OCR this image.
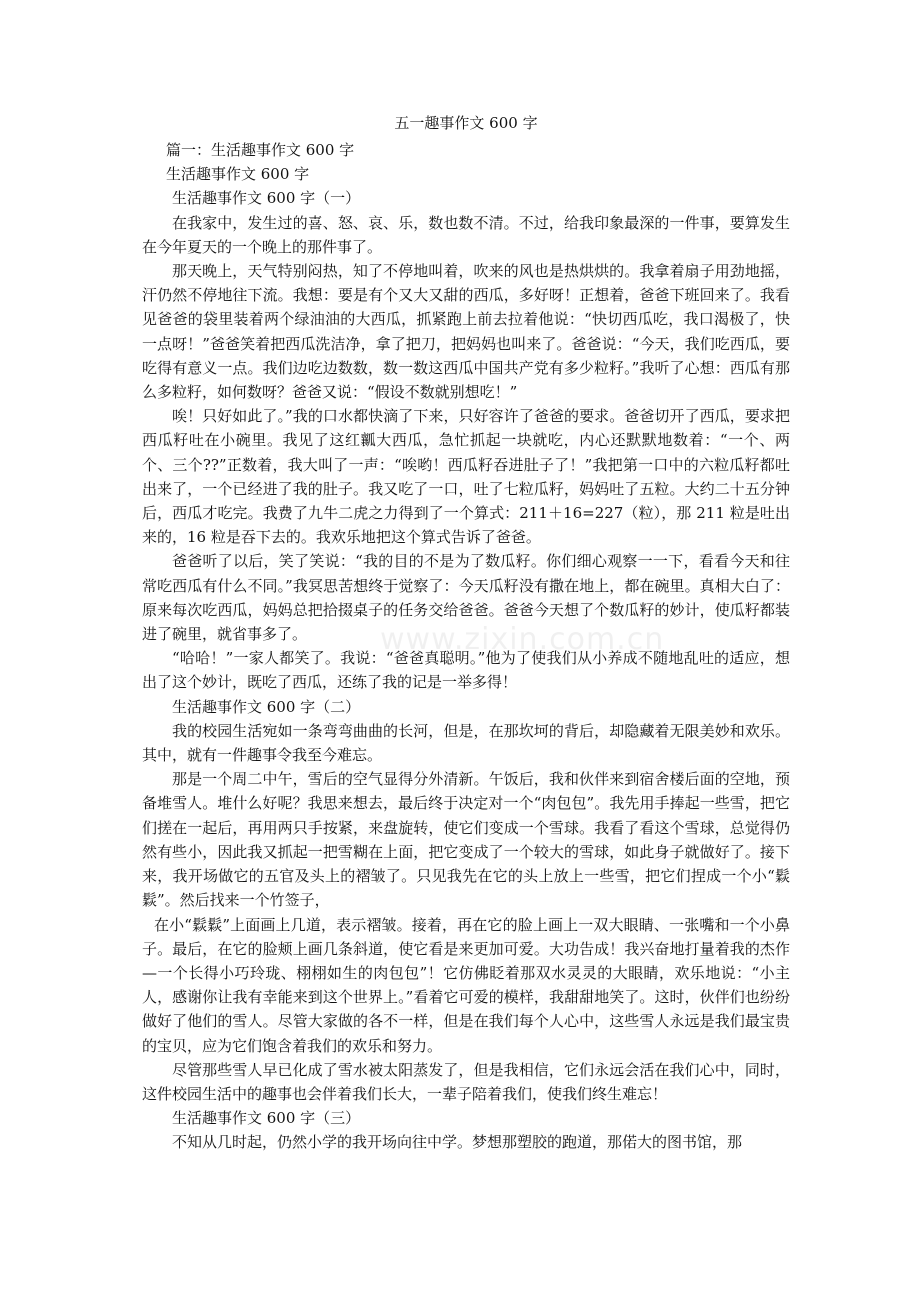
www.zixin.com.cn

五一趣事作文 600 字

篇一：生活趣事作文 600 字

生活趣事作文 600 字

生活趣事作文 600 字（一）

在我家中，发生过的喜、怒、哀、乐，数也数不清。不过，给我印象最深的一件事，要算发生在今年夏天的一个晚上的那件事了。

那天晚上，天气特别闷热，知了不停地叫着，吹来的风也是热烘烘的。我拿着扇子用劲地摇，汗仍然不停地往下流。我想：要是有个又大又甜的西瓜，多好呀！正想着，爸爸下班回来了。我看见爸爸的袋里装着两个绿油油的大西瓜，抓紧跑上前去拉着他说：“快切西瓜吃，我口渴极了，快一点呀！”爸爸笑着把西瓜洗洁净，拿了把刀，把妈妈也叫来了。爸爸说：“今天，我们吃西瓜，要吃得有意义一点。我们边吃边数数，数一数这西瓜中国共产党有多少粒籽。”我听了心想：西瓜有那么多粒籽，如何数呀？爸爸又说：“假设不数就别想吃！”

唉！只好如此了。”我的口水都快滴了下来，只好容许了爸爸的要求。爸爸切开了西瓜，要求把西瓜籽吐在小碗里。我见了这红瓤大西瓜，急忙抓起一块就吃，内心还默默地数着：“一个、两个、三个??”正数着，我大叫了一声：“唉哟！西瓜籽吞进肚子了！”我把第一口中的六粒瓜籽都吐出来了，一个已经进了我的肚子。我又吃了一口，吐了七粒瓜籽，妈妈吐了五粒。大约二十五分钟后，西瓜才吃完。我费了九牛二虎之力得到了一个算式：211＋16=227（粒），那 211 粒是吐出来的，16 粒是吞下去的。我欢乐地把这个算式告诉了爸爸。

爸爸听了以后，笑了笑说：“我的目的不是为了数瓜籽。你们细心观察一一下，看看今天和往常吃西瓜有什么不同。”我冥思苦想终于觉察了：今天瓜籽没有撒在地上，都在碗里。真相大白了：原来每次吃西瓜，妈妈总把拾掇桌子的任务交给爸爸。爸爸今天想了个数瓜籽的妙计，使瓜籽都装进了碗里，就省事多了。

“哈哈！”一家人都笑了。我说：“爸爸真聪明。”他为了使我们从小养成不随地乱吐的适应，想出了这个妙计，既吃了西瓜，还练了我的记是一举多得！

生活趣事作文 600 字（二）

我的校园生活宛如一条弯弯曲曲的长河，但是，在那坎坷的背后，却隐藏着无限美妙和欢乐。其中，就有一件趣事令我至今难忘。

那是一个周二中午，雪后的空气显得分外清新。午饭后，我和伙伴来到宿舍楼后面的空地，预备堆雪人。堆什么好呢？我思来想去，最后终于决定对一个“肉包包”。我先用手捧起一些雪，把它们搓在一起后，再用两只手按紧，来盘旋转，使它们变成一个雪球。我看了看这个雪球，总觉得仍然有些小，因此我又抓起一把雪糊在上面，把它变成了一个较大的雪球，如此身子就做好了。接下来，我开场做它的五官及头上的褶皱了。只见我先在它的头上放上一些雪，把它们捏成一个小“鬏鬏”。然后找来一个竹签子，

在小“鬏鬏”上面画上几道，表示褶皱。接着，再在它的脸上画上一双大眼睛、一张嘴和一个小鼻子。最后，在它的脸颊上画几条斜道，使它看是来更加可爱。大功告成！我兴奋地打量着我的杰作—一个长得小巧玲珑、栩栩如生的肉包包”！它仿佛眨着那双水灵灵的大眼睛，欢乐地说：“小主人，感谢你让我有幸能来到这个世界上。”看着它可爱的模样，我甜甜地笑了。这时，伙伴们也纷纷做好了他们的雪人。尽管大家做的各不一样，但是在我们每个人心中，这些雪人永远是我们最宝贵的宝贝，应为它们饱含着我们的欢乐和努力。

尽管那些雪人早已化成了雪水被太阳蒸发了，但是我相信，它们永远会活在我们心中，同时，这件校园生活中的趣事也会伴着我们长大，一辈子陪着我们，使我们终生难忘！

生活趣事作文 600 字（三）

不知从几时起，仍然小学的我开场向往中学。梦想那塑胶的跑道，那偌大的图书馆，那
